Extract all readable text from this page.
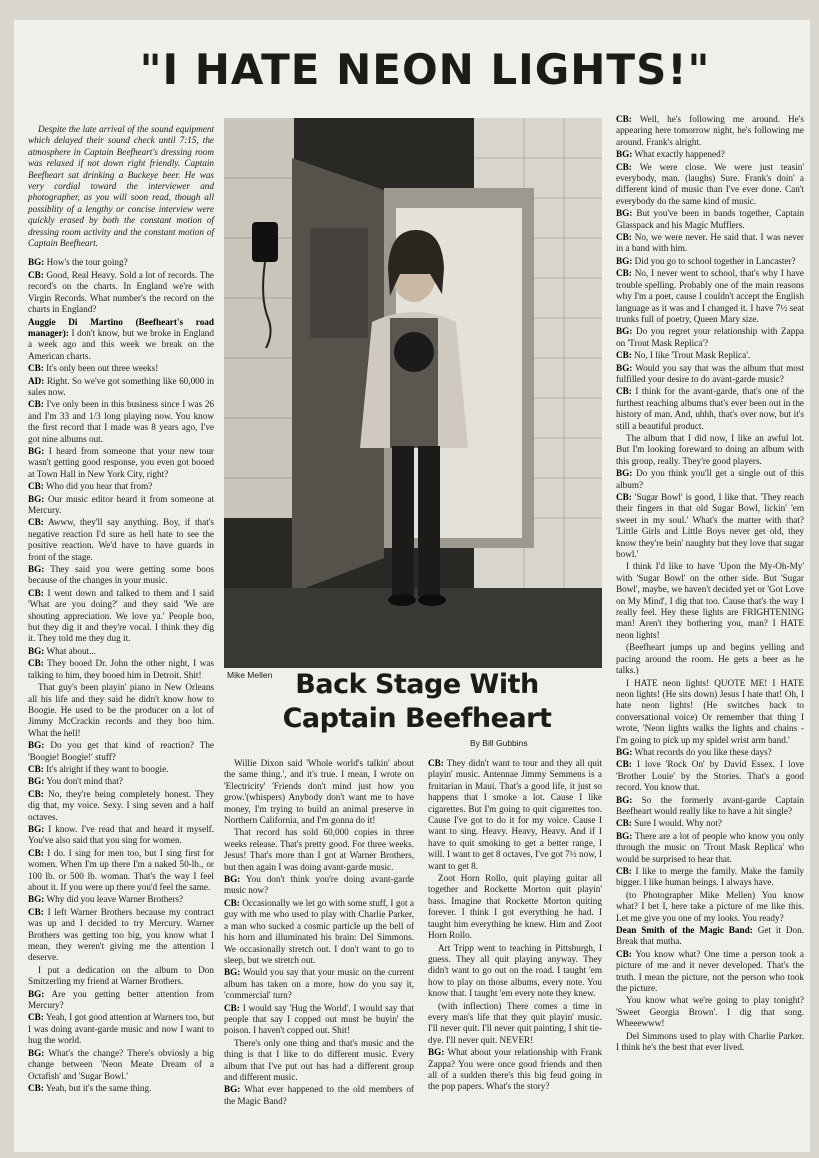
"I HATE NEON LIGHTS!"

Despite the late arrival of the sound equipment which delayed their sound check until 7:15, the atmosphere in Captain Beefheart's dressing room was relaxed if not down right friendly. Captain Beefheart sat drinking a Buckeye beer. He was very cordial toward the interviewer and photographer, as you will soon read, though all possiblity of a lengthy or concise interview were quickly erased by both the constant motion of dressing room activity and the constant motion of Captain Beefheart.

BG: How's the tour going?

CB: Good, Real Heavy. Sold a lot of records. The record's on the charts. In England we're with Virgin Records. What number's the record on the charts in England?

Auggie Di Martino (Beefheart's road manager): I don't know, but we broke in England a week ago and this week we break on the American charts.

CB: It's only been out three weeks!

AD: Right. So we've got something like 60,000 in sales now.

CB: I've only been in this business since I was 26 and I'm 33 and 1/3 long playing now. You know the first record that I made was 8 years ago, I've got nine albums out.

BG: I heard from someone that your new tour wasn't getting good response, you even got booed at Town Hall in New York City, right?

CB: Who did you hear that from?

BG: Our music editor heard it from someone at Mercury.

CB: Awww, they'll say anything. Boy, if that's negative reaction I'd sure as hell hate to see the positive reaction. We'd have to have guards in front of the stage.

BG: They said you were getting some boos because of the changes in your music.

CB: I went down and talked to them and I said 'What are you doing?' and they said 'We are shouting appreciation. We love ya.' People boo, but they dig it and they're vocal. I think they dig it. They told me they dug it.

BG: What about...

CB: They booed Dr. John the other night, I was talking to him, they booed him in Detroit. Shit!

That guy's been playin' piano in New Orleans all his life and they said he didn't know how to Boogie. He used to be the producer on a lot of Jimmy McCrackin records and they boo him. What the hell!

BG: Do you get that kind of reaction? The 'Boogie! Boogie!' stuff?

CB: It's alright if they want to boogie.

BG: You don't mind that?

CB: No, they're being completely honest. They dig that, my voice. Sexy. I sing seven and a half octaves.

BG: I know. I've read that and heard it myself. You've also said that you sing for women.

CB: I do. I sing for men too, but I sing first for women. When I'm up there I'm a naked 50-lb., or 100 lb. or 500 lb. woman. That's the way I feel about it. If you were up there you'd feel the same.

BG: Why did you leave Warner Brothers?

CB: I left Warner Brothers because my contract was up and I decided to try Mercury. Warner Brothers was getting too big, you know what I mean, they weren't giving me the attention I deserve.

I put a dedication on the album to Don Smitzerling my friend at Warner Brothers.

BG: Are you getting better attention from Mercury?

CB: Yeah, I got good attention at Warners too, but I was doing avant-garde music and now I want to hug the world.

BG: What's the change? There's obviosly a big change between 'Neon Meate Dream of a Octafish' and 'Sugar Bowl.'

CB: Yeah, but it's the same thing.

Mike Mellen Back Stage With
Captain Beefheart
By Bill Gubbins

Willie Dixon said 'Whole world's talkin' about the same thing.', and it's true. I mean, I wrote on 'Electricity' 'Friends don't mind just how you grow.'(whispers) Anybody don't want me to have money, I'm trying to build an animal preserve in Northern California, and I'm gonna do it!

That record has sold 60,000 copies in three weeks release. That's pretty good. For three weeks. Jesus! That's more than I got at Warner Brothers, but then again I was doing avant-garde music.

BG: You don't think you're doing avant-garde music now?

CB: Occasionally we let go with some stuff, I got a guy with me who used to play with Charlie Parker, a man who sucked a cosmic particle up the bell of his horn and illuminated his brain: Del Simmons. We occasionally stretch out. I don't want to go to sleep, but we stretch out.

BG: Would you say that your music on the current album has taken on a more, how do you say it, 'commercial' turn?

CB: I would say 'Hug the World'. I would say that people that say I copped out must be buyin' the poison. I haven't copped out. Shit!

There's only one thing and that's music and the thing is that I like to do different music. Every album that I've put out has had a different group and different music.

BG: What ever happened to the old members of the Magic Band?

CB: They didn't want to tour and they all quit playin' music. Antennae Jimmy Semmens is a fruitarian in Maui. That's a good life, it just so happens that I smoke a lot. Cause I like cigarettes. But I'm going to quit cigarettes too. Cause I've got to do it for my voice. Cause I want to sing. Heavy. Heavy, Heavy. And if I have to quit smoking to get a better range, I will. I want to get 8 octaves, I've got 7½ now, I want to get 8.

Zoot Horn Rollo, quit playing guitar all together and Rockette Morton quit playin' bass. Imagine that Rockette Morton quiting forever. I think I got everything he had. I taught him everything he knew. Him and Zoot Horn Rollo.

Art Tripp went to teaching in Pittsburgh, I guess. They all quit playing anyway. They didn't want to go out on the road. I taught 'em how to play on those albums, every note. You know that. I taught 'em every note they knew.

(with inflection) There comes a time in every man's life that they quit playin' music. I'll never quit. I'll never quit painting, I shit tie-dye. I'll never quit. NEVER!

BG: What about your relationship with Frank Zappa? You were once good friends and then all of a sudden there's this big feud going in the pop papers. What's the story?

CB: Well, he's following me around. He's appearing here tomorrow night, he's following me around. Frank's alright.

BG: What exactly happened?

CB: We were close. We were just teasin' everybody, man. (laughs) Sure. Frank's doin' a different kind of music than I've ever done. Can't everybody do the same kind of music.

BG: But you've been in bands together, Captain Glasspack and his Magic Mufflers.

CB: No, we were never. He said that. I was never in a band with him.

BG: Did you go to school together in Lancaster?

CB: No, I never went to school, that's why I have trouble spelling. Probably one of the main reasons why I'm a poet, cause I couldn't accept the English language as it was and I changed it. I have 7½ seat trunks full of poetry, Queen Mary size.

BG: Do you regret your relationship with Zappa on 'Trout Mask Replica'?

CB: No, I like 'Trout Mask Replica'.

BG: Would you say that was the album that most fulfilled your desire to do avant-garde music?

CB: I think for the avant-garde, that's one of the furthest reaching albums that's ever been out in the history of man. And, uhhh, that's over now, but it's still a beautiful product.

The album that I did now, I like an awful lot. But I'm looking foreward to doing an album with this group, really. They're good players.

BG: Do you think you'll get a single out of this album?

CB: 'Sugar Bowl' is good, I like that. 'They reach their fingers in that old Sugar Bowl, lickin' 'em sweet in my soul.' What's the matter with that? 'Little Girls and Little Boys never get old, they know they're bein' naughty but they love that sugar bowl.'

I think I'd like to have 'Upon the My-Oh-My' with 'Sugar Bowl' on the other side. But 'Sugar Bowl', maybe, we haven't decided yet or 'Got Love on My Mind', I dig that too. Cause that's the way I really feel. Hey these lights are FRIGHTENING man! Aren't they bothering you, man? I HATE neon lights!

(Beefheart jumps up and begins yelling and pacing around the room. He gets a beer as he talks.)

I HATE neon lights! QUOTE ME! I HATE neon lights! (He sits down) Jesus I hate that! Oh, I hate neon lights! (He switches back to conversational voice) Or remember that thing I wrote, 'Neon lights walks the lights and chains - I'm going to pick up my spidel wrist arm band.'

BG: What records do you like these days?

CB: I love 'Rock On' by David Essex. I love 'Brother Louie' by the Stories. That's a good record. You know that.

BG: So the formerly avant-garde Captain Beefheart would really like to have a hit single?

CB: Sure I would. Why not?

BG: There are a lot of people who know you only through the music on 'Trout Mask Replica' who would be surprised to hear that.

CB: I like to merge the family. Make the family bigger. I like human beings. I always have.

(to Photographer Mike Mellen) You know what? I bet I, here take a picture of me like this. Let me give you one of my looks. You ready?

Dean Smith of the Magic Band: Get it Don. Break that mutha.

CB: You know what? One time a person took a picture of me and it never developed. That's the truth. I mean the picture, not the person who took the picture.

You know what we're going to play tonight? 'Sweet Georgia Brown'. I dig that song. Wheeewww!

Del Simmons used to play with Charlie Parker. I think he's the best that ever lived.
